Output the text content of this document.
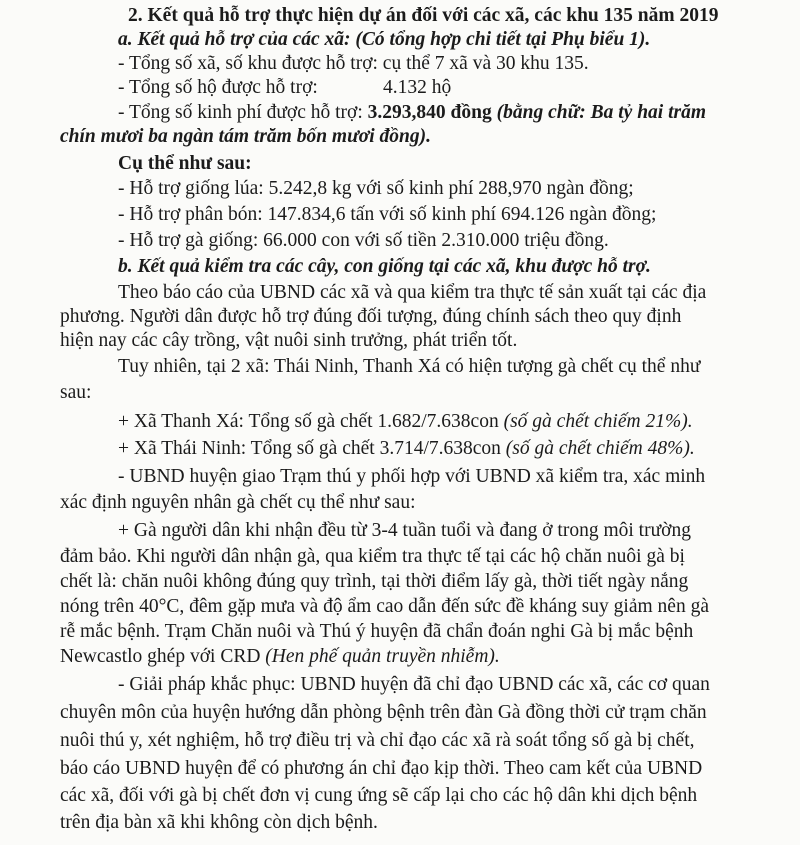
2. Kết quả hỗ trợ thực hiện dự án đối với các xã, các khu 135 năm 2019
a. Kết quả hỗ trợ của các xã: (Có tổng hợp chi tiết tại Phụ biểu 1).
- Tổng số xã, số khu được hỗ trợ: cụ thể 7 xã và 30 khu 135.
- Tổng số hộ được hỗ trợ:	4.132 hộ
- Tổng số kinh phí được hỗ trợ: 3.293,840 đồng (bằng chữ: Ba tỷ hai trăm
chín mươi ba ngàn tám trăm bốn mươi đồng).
Cụ thể như sau:
- Hỗ trợ giống lúa: 5.242,8 kg với số kinh phí 288,970 ngàn đồng;
- Hỗ trợ phân bón: 147.834,6 tấn với số kinh phí 694.126 ngàn đồng;
- Hỗ trợ gà giống: 66.000 con với số tiền 2.310.000 triệu đồng.
b. Kết quả kiểm tra các cây, con giống tại các xã, khu được hỗ trợ.
Theo báo cáo của UBND các xã và qua kiểm tra thực tế sản xuất tại các địa
phương. Người dân được hỗ trợ đúng đối tượng, đúng chính sách theo quy định
hiện nay các cây trồng, vật nuôi sinh trưởng, phát triển tốt.
Tuy nhiên, tại 2 xã: Thái Ninh, Thanh Xá có hiện tượng gà chết cụ thể như
sau:
+ Xã Thanh Xá: Tổng số gà chết 1.682/7.638con (số gà chết chiếm 21%).
+ Xã Thái Ninh: Tổng số gà chết 3.714/7.638con (số gà chết chiếm 48%).
- UBND huyện giao Trạm thú y phối hợp với UBND xã kiểm tra, xác minh
xác định nguyên nhân gà chết cụ thể như sau:
+ Gà người dân khi nhận đều từ 3-4 tuần tuổi và đang ở trong môi trường
đảm bảo. Khi người dân nhận gà, qua kiểm tra thực tế tại các hộ chăn nuôi gà bị
chết là: chăn nuôi không đúng quy trình, tại thời điểm lấy gà, thời tiết ngày nắng
nóng trên 40°C, đêm gặp mưa và độ ẩm cao dẫn đến sức đề kháng suy giảm nên gà
rễ mắc bệnh. Trạm Chăn nuôi và Thú ý huyện đã chẩn đoán nghi Gà bị mắc bệnh
Newcastlo ghép với CRD (Hen phế quản truyền nhiễm).
- Giải pháp khắc phục: UBND huyện đã chỉ đạo UBND các xã, các cơ quan
chuyên môn của huyện hướng dẫn phòng bệnh trên đàn Gà đồng thời cử trạm chăn
nuôi thú y, xét nghiệm, hỗ trợ điều trị và chỉ đạo các xã rà soát tổng số gà bị chết,
báo cáo UBND huyện để có phương án chỉ đạo kịp thời. Theo cam kết của UBND
các xã, đối với gà bị chết đơn vị cung ứng sẽ cấp lại cho các hộ dân khi dịch bệnh
trên địa bàn xã khi không còn dịch bệnh.
